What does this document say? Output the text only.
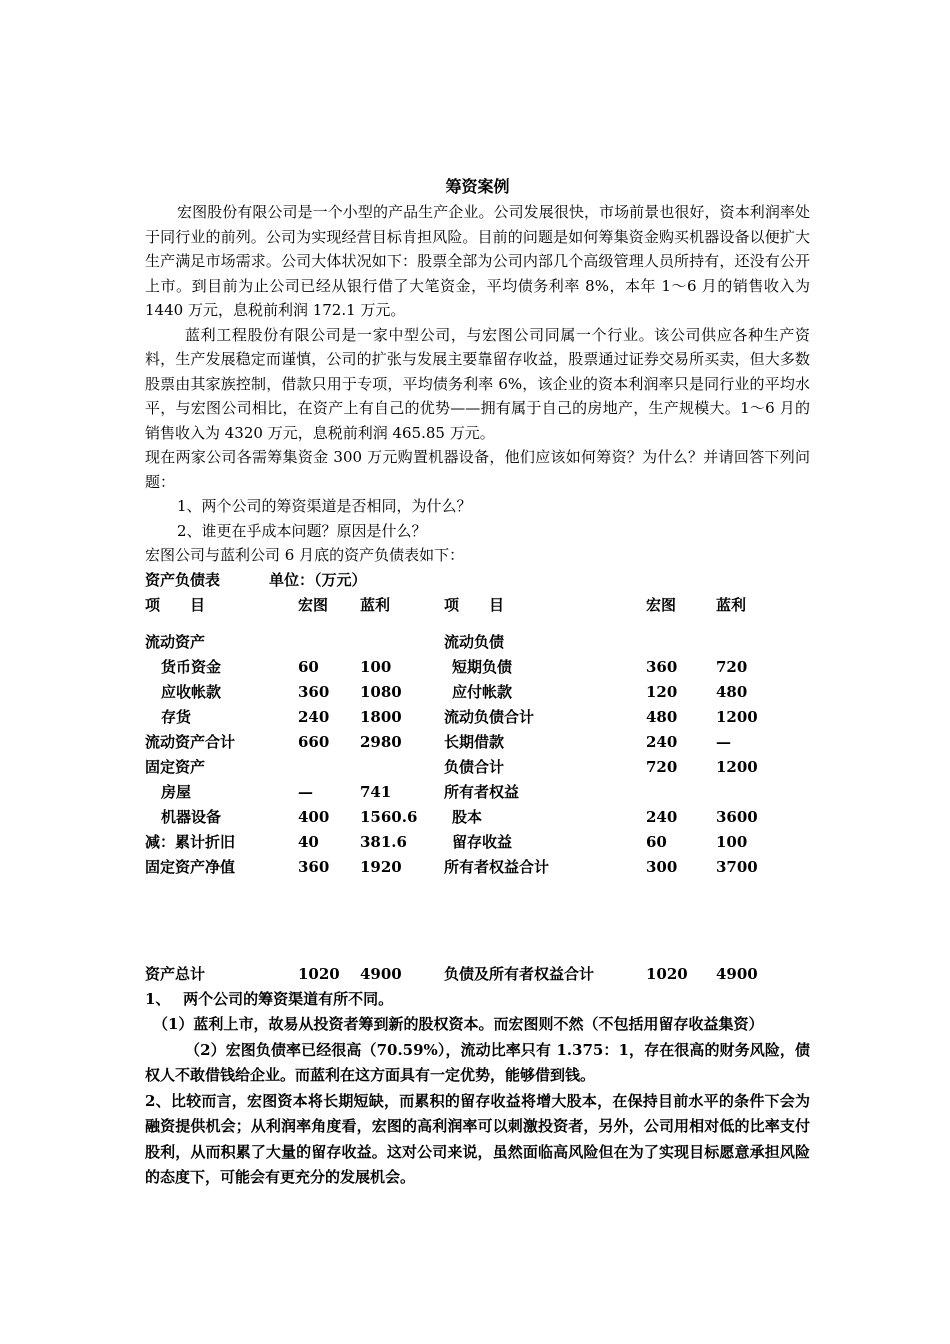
筹资案例

宏图股份有限公司是一个小型的产品生产企业。公司发展很快，市场前景也很好，资本利润率处于同行业的前列。公司为实现经营目标肯担风险。目前的问题是如何筹集资金购买机器设备以便扩大生产满足市场需求。公司大体状况如下：股票全部为公司内部几个高级管理人员所持有，还没有公开上市。到目前为止公司已经从银行借了大笔资金，平均债务利率 8%，本年 1～6 月的销售收入为 1440 万元，息税前利润 172.1 万元。

蓝利工程股份有限公司是一家中型公司，与宏图公司同属一个行业。该公司供应各种生产资料，生产发展稳定而谨慎，公司的扩张与发展主要靠留存收益，股票通过证券交易所买卖，但大多数股票由其家族控制，借款只用于专项，平均债务利率 6%，该企业的资本利润率只是同行业的平均水平，与宏图公司相比，在资产上有自己的优势——拥有属于自己的房地产，生产规模大。1～6 月的销售收入为 4320 万元，息税前利润 465.85 万元。

现在两家公司各需筹集资金 300 万元购置机器设备，他们应该如何筹资？为什么？并请回答下列问题：

1、两个公司的筹资渠道是否相同，为什么？

2、谁更在乎成本问题？原因是什么？

宏图公司与蓝利公司 6 月底的资产负债表如下：

资产负债表	单位：（万元）

项　　目	宏图	蓝利	项　　目	宏图	蓝利

流动资产			流动负债		
货币资金	60	100	短期负债	360	720
应收帐款	360	1080	应付帐款	120	480
存货	240	1800	流动负债合计	480	1200
流动资产合计	660	2980	长期借款	240	—
固定资产			负债合计	720	1200
房屋	—	741	所有者权益		
机器设备	400	1560.6	股本	240	3600
减：累计折旧	40	381.6	留存收益	60	100
固定资产净值	360	1920	所有者权益合计	300	3700

资产总计	1020	4900	负债及所有者权益合计	1020	4900

1、　 两个公司的筹资渠道有所不同。

（1）蓝利上市，故易从投资者筹到新的股权资本。而宏图则不然（不包括用留存收益集资）

（2）宏图负债率已经很高（70.59%），流动比率只有 1.375：1，存在很高的财务风险，债权人不敢借钱给企业。而蓝利在这方面具有一定优势，能够借到钱。

2、比较而言，宏图资本将长期短缺，而累积的留存收益将增大股本，在保持目前水平的条件下会为融资提供机会；从利润率角度看，宏图的高利润率可以刺激投资者，另外，公司用相对低的比率支付股利，从而积累了大量的留存收益。这对公司来说，虽然面临高风险但在为了实现目标愿意承担风险的态度下，可能会有更充分的发展机会。
